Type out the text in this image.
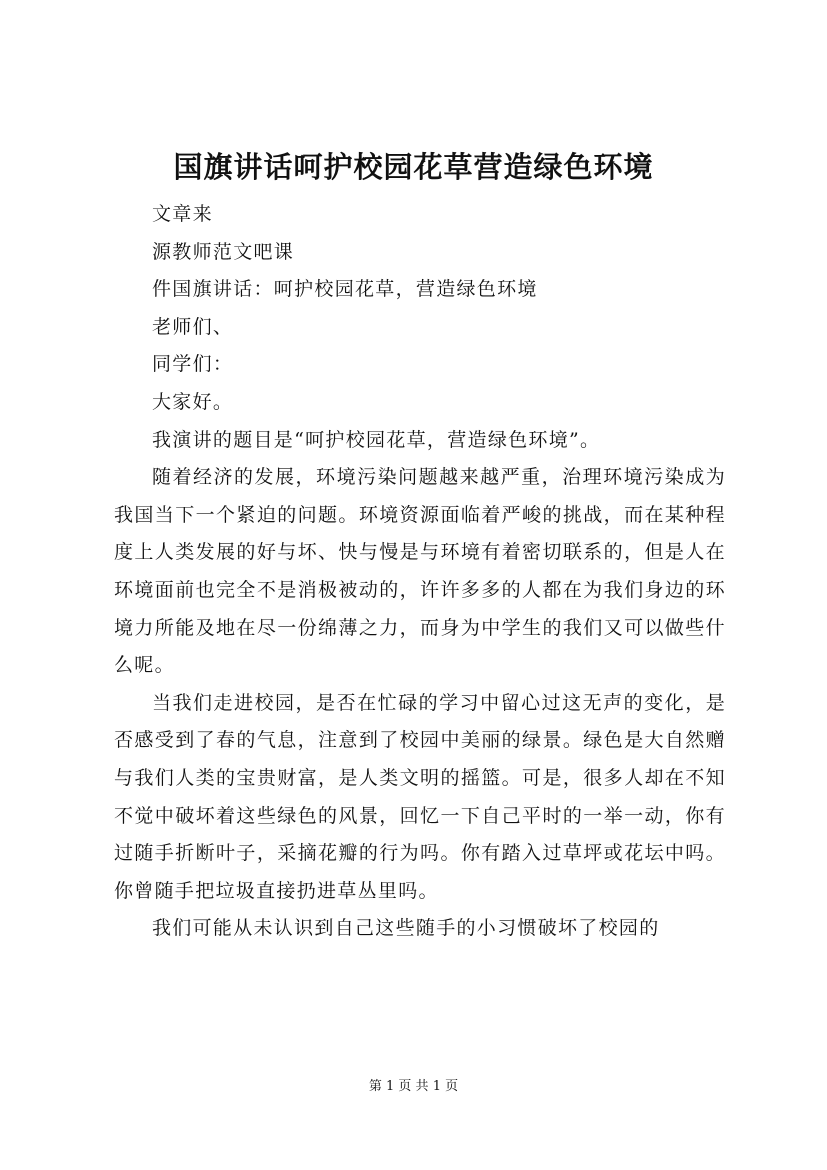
国旗讲话呵护校园花草营造绿色环境

文章来

源教师范文吧课

件国旗讲话：呵护校园花草，营造绿色环境

老师们、

同学们：

大家好。

我演讲的题目是“呵护校园花草，营造绿色环境”。

随着经济的发展，环境污染问题越来越严重，治理环境污染成为我国当下一个紧迫的问题。环境资源面临着严峻的挑战，而在某种程度上人类发展的好与坏、快与慢是与环境有着密切联系的，但是人在环境面前也完全不是消极被动的，许许多多的人都在为我们身边的环境力所能及地在尽一份绵薄之力，而身为中学生的我们又可以做些什么呢。

当我们走进校园，是否在忙碌的学习中留心过这无声的变化，是否感受到了春的气息，注意到了校园中美丽的绿景。绿色是大自然赠与我们人类的宝贵财富，是人类文明的摇篮。可是，很多人却在不知不觉中破坏着这些绿色的风景，回忆一下自己平时的一举一动，你有过随手折断叶子，采摘花瓣的行为吗。你有踏入过草坪或花坛中吗。你曾随手把垃圾直接扔进草丛里吗。

我们可能从未认识到自己这些随手的小习惯破坏了校园的

第 1 页 共 1 页
